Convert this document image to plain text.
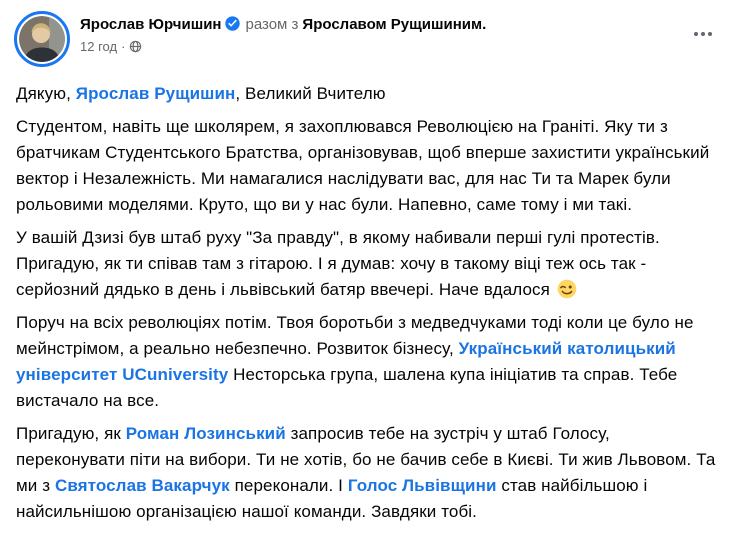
Ярослав Юрчишин разом з Ярославом Рущишиним.
12 год ·
Дякую, Ярослав Рущишин, Великий Вчителю
Студентом, навіть ще школярем, я захоплювався Революцією на Граніті. Яку ти з братчикам Студентського Братства, організовував, щоб вперше захистити український вектор і Незалежність. Ми намагалися наслідувати вас, для нас Ти та Марек були рольовими моделями. Круто, що ви у нас були. Напевно, саме тому і ми такі.
У вашій Дзизі був штаб руху "За правду", в якому набивали перші гулі протестів. Пригадую, як ти співав там з гітарою. І я думав: хочу в такому віці теж ось так - серйозний дядько в день і львівський батяр ввечері. Наче вдалося
Поруч на всіх революціях потім. Твоя боротьби з медведчуками тоді коли це було не мейнстрімом, а реально небезпечно. Розвиток бізнесу, Український католицький університет UCuniversity Несторська група, шалена купа ініціатив та справ. Тебе вистачало на все.
Пригадую, як Роман Лозинський запросив тебе на зустріч у штаб Голосу, переконувати піти на вибори. Ти не хотів, бо не бачив себе в Києві. Ти жив Львовом. Та ми з Святослав Вакарчук переконали. І Голос Львівщини став найбільшою і найсильнішою організацією нашої команди. Завдяки тобі.
